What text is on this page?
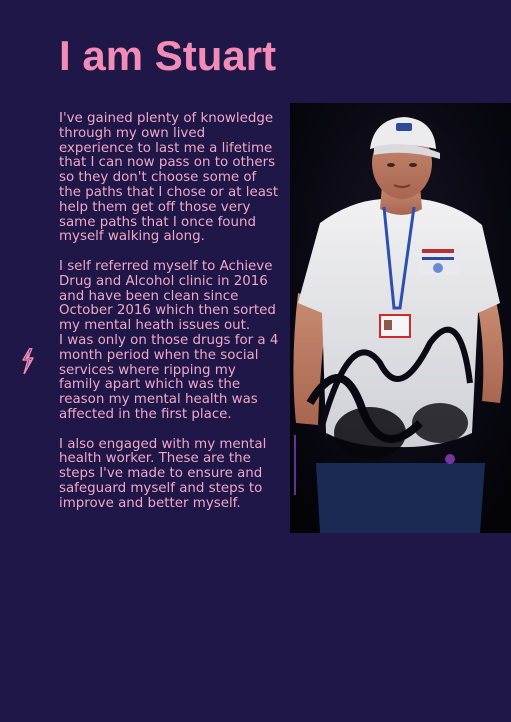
I am Stuart

I've gained plenty of knowledge through my own lived experience to last me a lifetime that I can now pass on to others so they don't choose some of the paths that I chose or at least help them get off those very same paths that I once found myself walking along.

I self referred myself to Achieve Drug and Alcohol clinic in 2016 and have been clean since October 2016 which then sorted my mental heath issues out.

I was only on those drugs for a 4 month period when the social services where ripping my family apart which was the reason my mental health was affected in the first place.

I also engaged with my mental health worker. These are the steps I've made to ensure and safeguard myself and steps to improve and better myself.
